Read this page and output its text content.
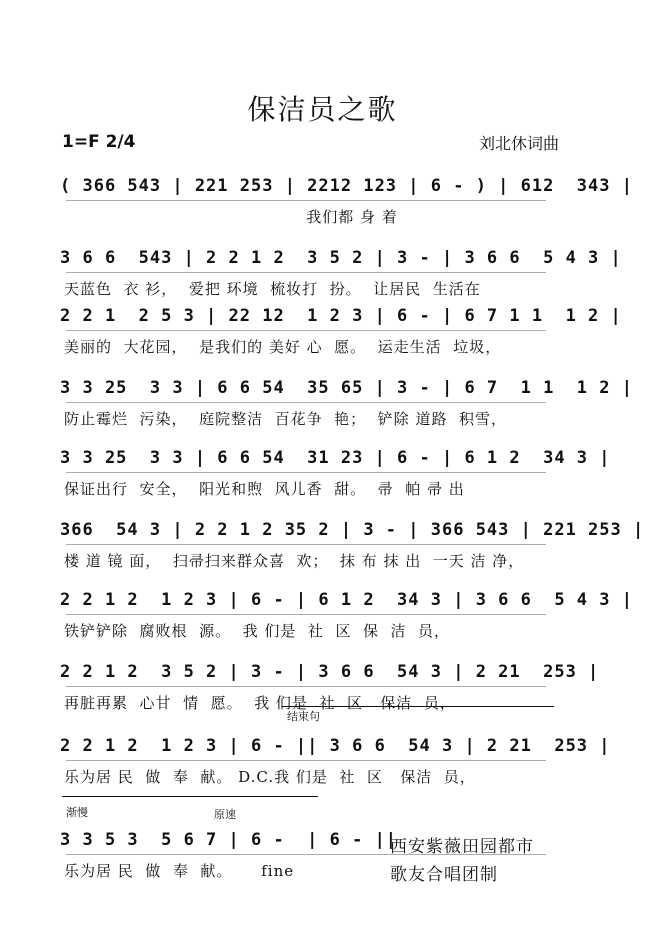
保洁员之歌
1=F 2/4	刘北休词曲
( 366 543 | 221 253 | 2212 123 | 6 - ) | 612  343 |
我们都 身 着
3 6 6  543 | 2 2 1 2  3 5 2 | 3 - | 3 6 6  5 4 3 |
天蓝色  衣 衫，  爱把 环境  梳妆打  扮。  让居民  生活在
2 2 1  2 5 3 | 22 12  1 2 3 | 6 - | 6 7 1 1  1 2 |
美丽的  大花园，  是我们的 美好 心  愿。  运走生活  垃圾，
3 3 25  3 3 | 6 6 54  35 65 | 3 - | 6 7  1 1  1 2 |
防止霉烂  污染，  庭院整洁  百花争  艳；  铲除 道路  积雪，
3 3 25  3 3 | 6 6 54  31 23 | 6 - | 6 1 2  34 3 |
保证出行  安全，  阳光和煦  风儿香  甜。  帚  帕 帚 出
366  54 3 | 2 2 1 2 35 2 | 3 - | 366 543 | 221 253 |
楼 道 镜 面，  扫帚扫来群众喜  欢；  抹 布 抹 出  一天 洁 净，
2 2 1 2  1 2 3 | 6 - | 6 1 2  34 3 | 3 6 6  5 4 3 |
铁铲铲除  腐败根  源。  我 们是  社  区  保  洁  员，
2 2 1 2  3 5 2 | 3 - | 3 6 6  54 3 | 2 21  253 |
再脏再累  心甘  情  愿。  我 们是  社  区   保洁  员，
2 2 1 2  1 2 3 | 6 - || 3 6 6  54 3 | 2 21  253 |
乐为居 民  做  奉  献。 D.C.我 们是  社  区   保洁  员，
3 3 5 3  5 6 7 | 6 -  | 6 - ||
乐为居 民  做  奉  献。     fine
结束句
渐慢	原速
西安紫薇田园都市
歌友合唱团制
